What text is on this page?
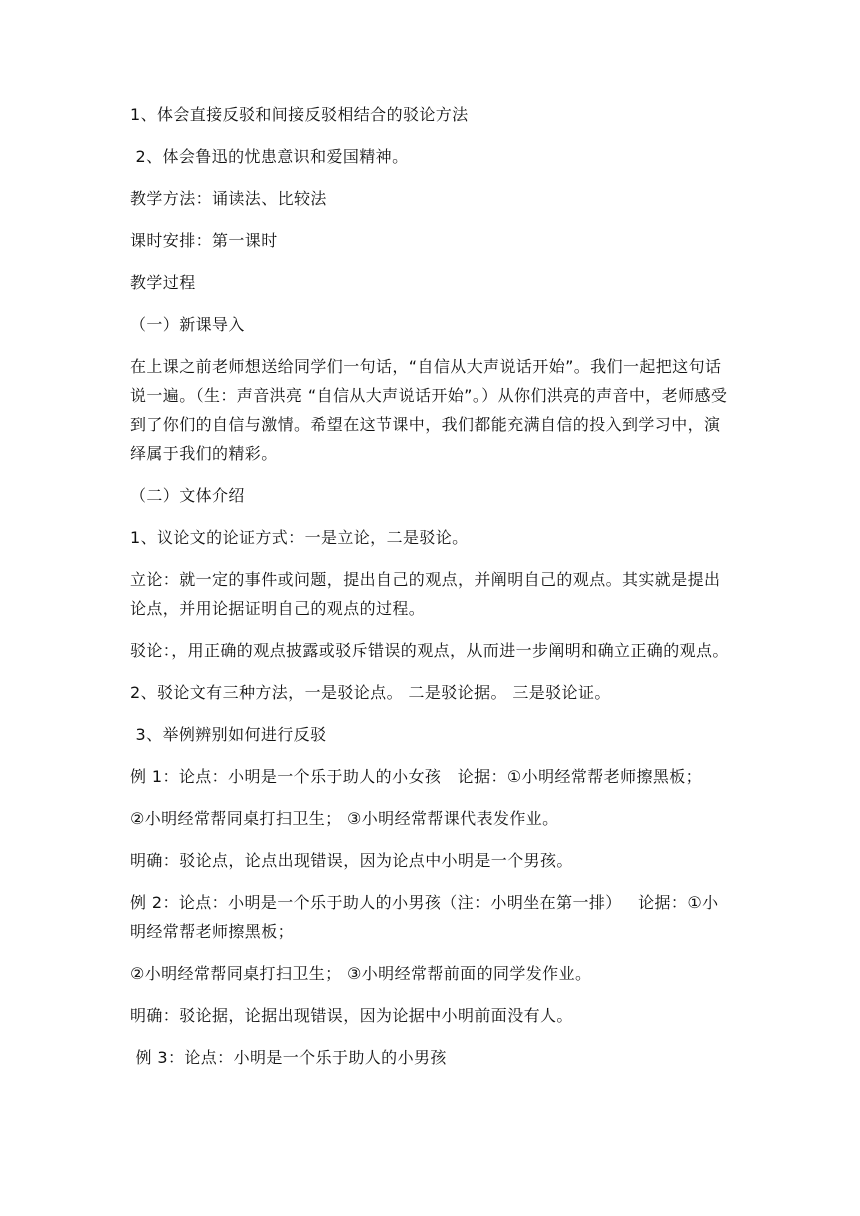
1、体会直接反驳和间接反驳相结合的驳论方法

2、体会鲁迅的忧患意识和爱国精神。

教学方法：诵读法、比较法

课时安排：第一课时

教学过程

（一）新课导入

在上课之前老师想送给同学们一句话，“自信从大声说话开始”。我们一起把这句话说一遍。（生：声音洪亮 “自信从大声说话开始”。）从你们洪亮的声音中，老师感受到了你们的自信与激情。希望在这节课中，我们都能充满自信的投入到学习中，演绎属于我们的精彩。

（二）文体介绍

1、议论文的论证方式：一是立论，二是驳论。

立论：就一定的事件或问题，提出自己的观点，并阐明自己的观点。其实就是提出论点，并用论据证明自己的观点的过程。

驳论：，用正确的观点披露或驳斥错误的观点，从而进一步阐明和确立正确的观点。

2、驳论文有三种方法，一是驳论点。 二是驳论据。 三是驳论证。

3、举例辨别如何进行反驳

例 1：论点：小明是一个乐于助人的小女孩   论据：①小明经常帮老师擦黑板；

②小明经常帮同桌打扫卫生； ③小明经常帮课代表发作业。

明确：驳论点，论点出现错误，因为论点中小明是一个男孩。

例 2：论点：小明是一个乐于助人的小男孩（注：小明坐在第一排）   论据：①小明经常帮老师擦黑板；

②小明经常帮同桌打扫卫生； ③小明经常帮前面的同学发作业。

明确：驳论据，论据出现错误，因为论据中小明前面没有人。

例 3：论点：小明是一个乐于助人的小男孩
